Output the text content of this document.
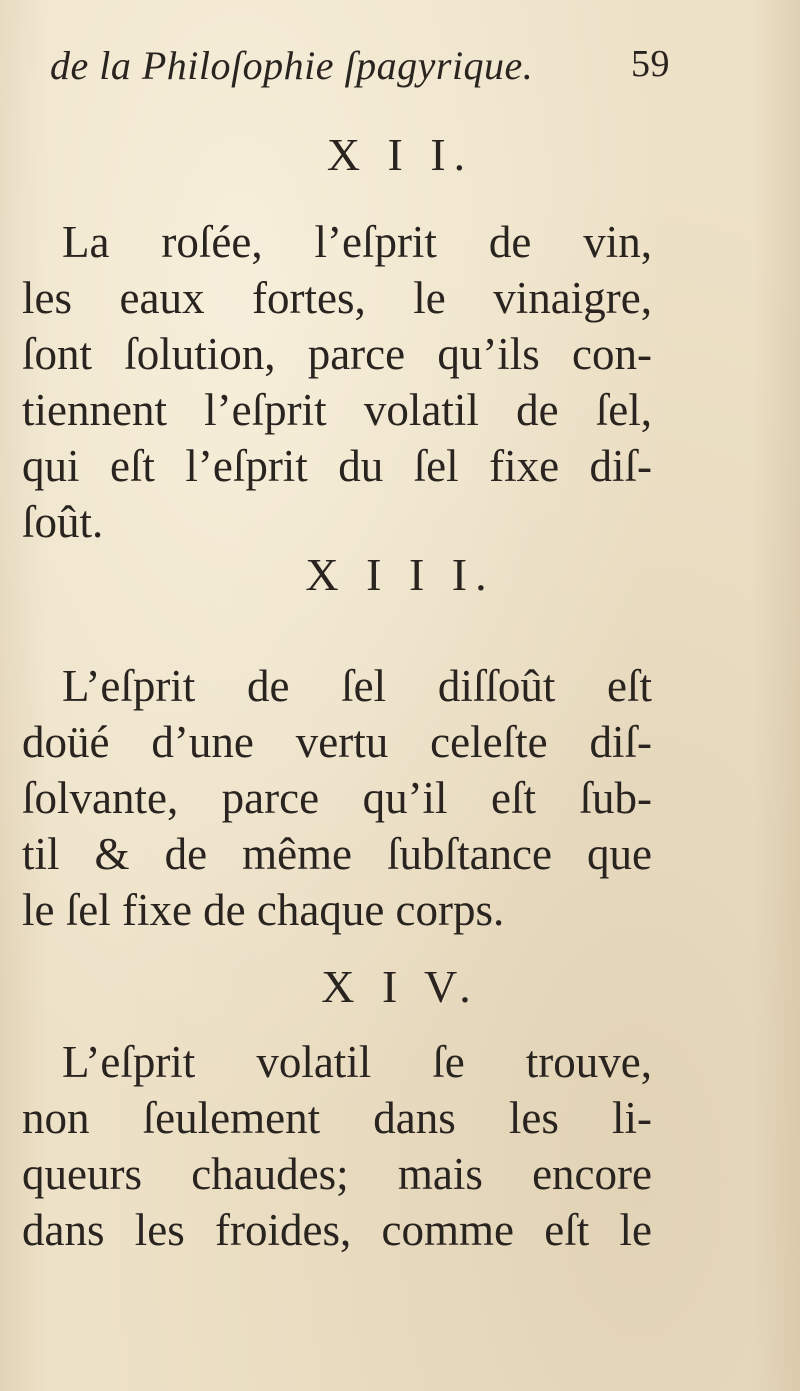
de la Philoſophie ſpagyrique.	59
X I I.
La roſée, l’eſprit de vin,
les eaux fortes, le vinaigre,
ſont ſolution, parce qu’ils con-
tiennent l’eſprit volatil de ſel,
qui eſt l’eſprit du ſel fixe diſ-
ſoût.
X I I I.
L’eſprit de ſel diſſoût eſt
doüé d’une vertu celeſte diſ-
ſolvante, parce qu’il eſt ſub-
til & de même ſubſtance que
le ſel fixe de chaque corps.
X I V.
L’eſprit volatil ſe trouve,
non ſeulement dans les li-
queurs chaudes; mais encore
dans les froides, comme eſt le
